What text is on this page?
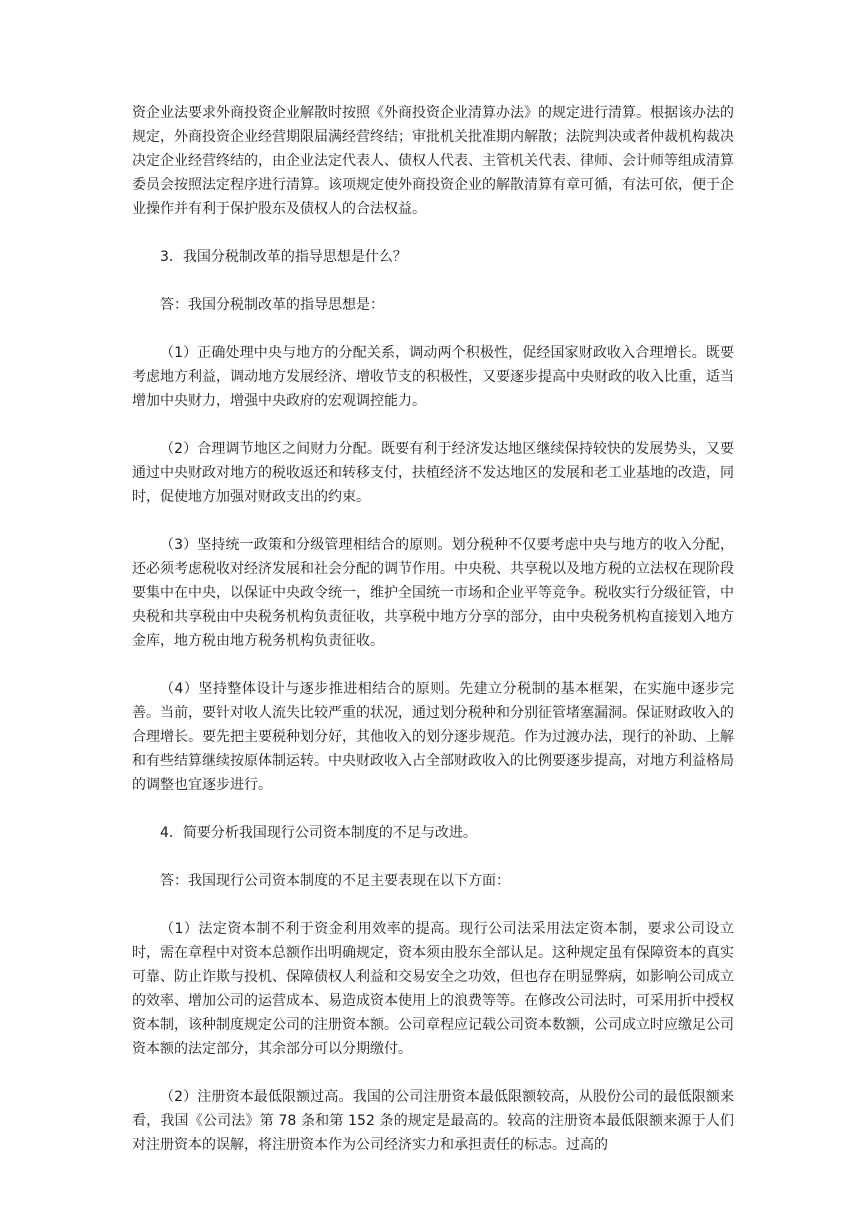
资企业法要求外商投资企业解散时按照《外商投资企业清算办法》的规定进行清算。根据该办法的规定，外商投资企业经营期限届满经营终结；审批机关批准期内解散；法院判决或者仲裁机构裁决决定企业经营终结的，由企业法定代表人、债权人代表、主管机关代表、律师、会计师等组成清算委员会按照法定程序进行清算。该项规定使外商投资企业的解散清算有章可循，有法可依，便于企业操作并有利于保护股东及债权人的合法权益。

3．我国分税制改革的指导思想是什么？

答：我国分税制改革的指导思想是：

（1）正确处理中央与地方的分配关系，调动两个积极性，促经国家财政收入合理增长。既要考虑地方利益，调动地方发展经济、增收节支的积极性，又要逐步提高中央财政的收入比重，适当增加中央财力，增强中央政府的宏观调控能力。

（2）合理调节地区之间财力分配。既要有利于经济发达地区继续保持较快的发展势头，又要通过中央财政对地方的税收返还和转移支付，扶植经济不发达地区的发展和老工业基地的改造，同时，促使地方加强对财政支出的约束。

（3）坚持统一政策和分级管理相结合的原则。划分税种不仅要考虑中央与地方的收入分配，还必须考虑税收对经济发展和社会分配的调节作用。中央税、共享税以及地方税的立法权在现阶段要集中在中央，以保证中央政令统一，维护全国统一市场和企业平等竞争。税收实行分级征管，中央税和共享税由中央税务机构负责征收，共享税中地方分享的部分，由中央税务机构直接划入地方金库，地方税由地方税务机构负责征收。

（4）坚持整体设计与逐步推进相结合的原则。先建立分税制的基本框架，在实施中逐步完善。当前，要针对收人流失比较严重的状况，通过划分税种和分别征管堵塞漏洞。保证财政收入的合理增长。要先把主要税种划分好，其他收入的划分逐步规范。作为过渡办法，现行的补助、上解和有些结算继续按原体制运转。中央财政收入占全部财政收入的比例要逐步提高，对地方利益格局的调整也宜逐步进行。

4．简要分析我国现行公司资本制度的不足与改进。

答：我国现行公司资本制度的不足主要表现在以下方面：

（1）法定资本制不利于资金利用效率的提高。现行公司法采用法定资本制，要求公司设立时，需在章程中对资本总额作出明确规定，资本须由股东全部认足。这种规定虽有保障资本的真实可靠、防止诈欺与投机、保障债权人利益和交易安全之功效，但也存在明显弊病，如影响公司成立的效率、增加公司的运营成本、易造成资本使用上的浪费等等。在修改公司法时，可采用折中授权资本制，该种制度规定公司的注册资本额。公司章程应记载公司资本数额，公司成立时应缴足公司资本额的法定部分，其余部分可以分期缴付。

（2）注册资本最低限额过高。我国的公司注册资本最低限额较高，从股份公司的最低限额来看，我国《公司法》第 78 条和第 152 条的规定是最高的。较高的注册资本最低限额来源于人们对注册资本的误解，将注册资本作为公司经济实力和承担责任的标志。过高的
